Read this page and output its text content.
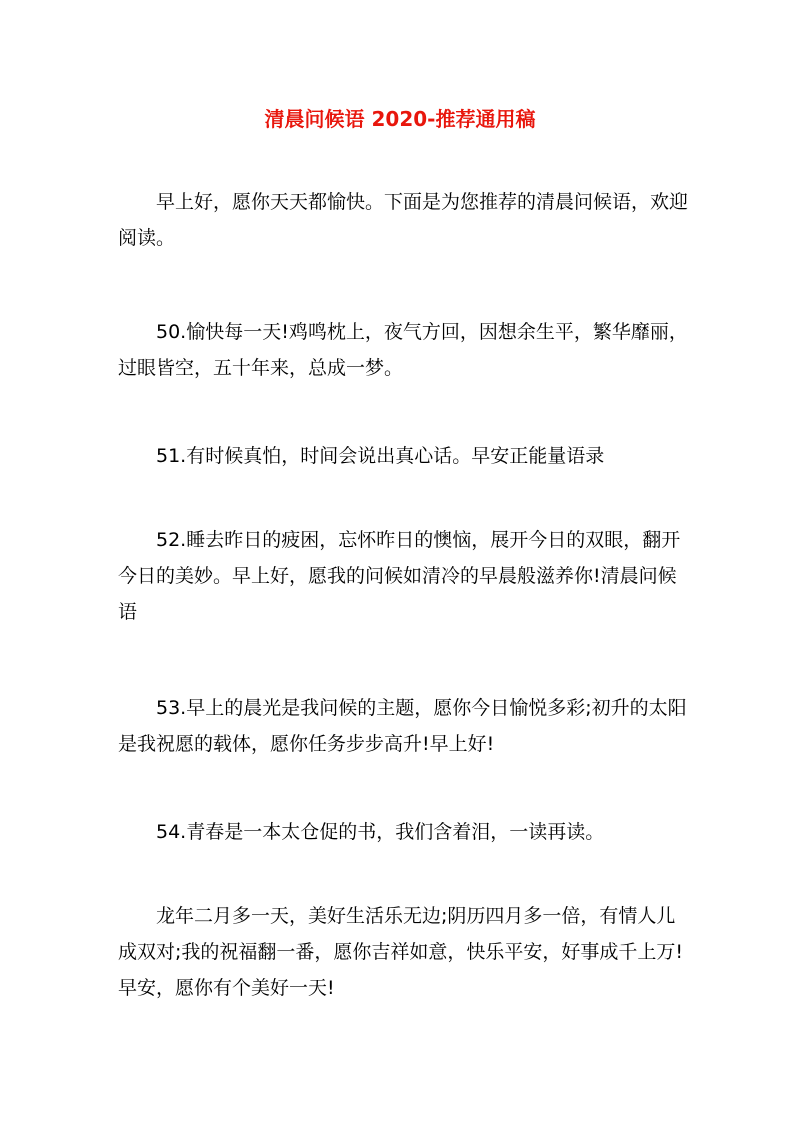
清晨问候语 2020-推荐通用稿

早上好，愿你天天都愉快。下面是为您推荐的清晨问候语，欢迎阅读。

50.愉快每一天!鸡鸣枕上，夜气方回，因想余生平，繁华靡丽，过眼皆空，五十年来，总成一梦。

51.有时候真怕，时间会说出真心话。早安正能量语录

52.睡去昨日的疲困，忘怀昨日的懊恼，展开今日的双眼，翻开今日的美妙。早上好，愿我的问候如清冷的早晨般滋养你!清晨问候语

53.早上的晨光是我问候的主题，愿你今日愉悦多彩;初升的太阳是我祝愿的载体，愿你任务步步高升!早上好!

54.青春是一本太仓促的书，我们含着泪，一读再读。

龙年二月多一天，美好生活乐无边;阴历四月多一倍，有情人儿成双对;我的祝福翻一番，愿你吉祥如意，快乐平安，好事成千上万!早安，愿你有个美好一天!
